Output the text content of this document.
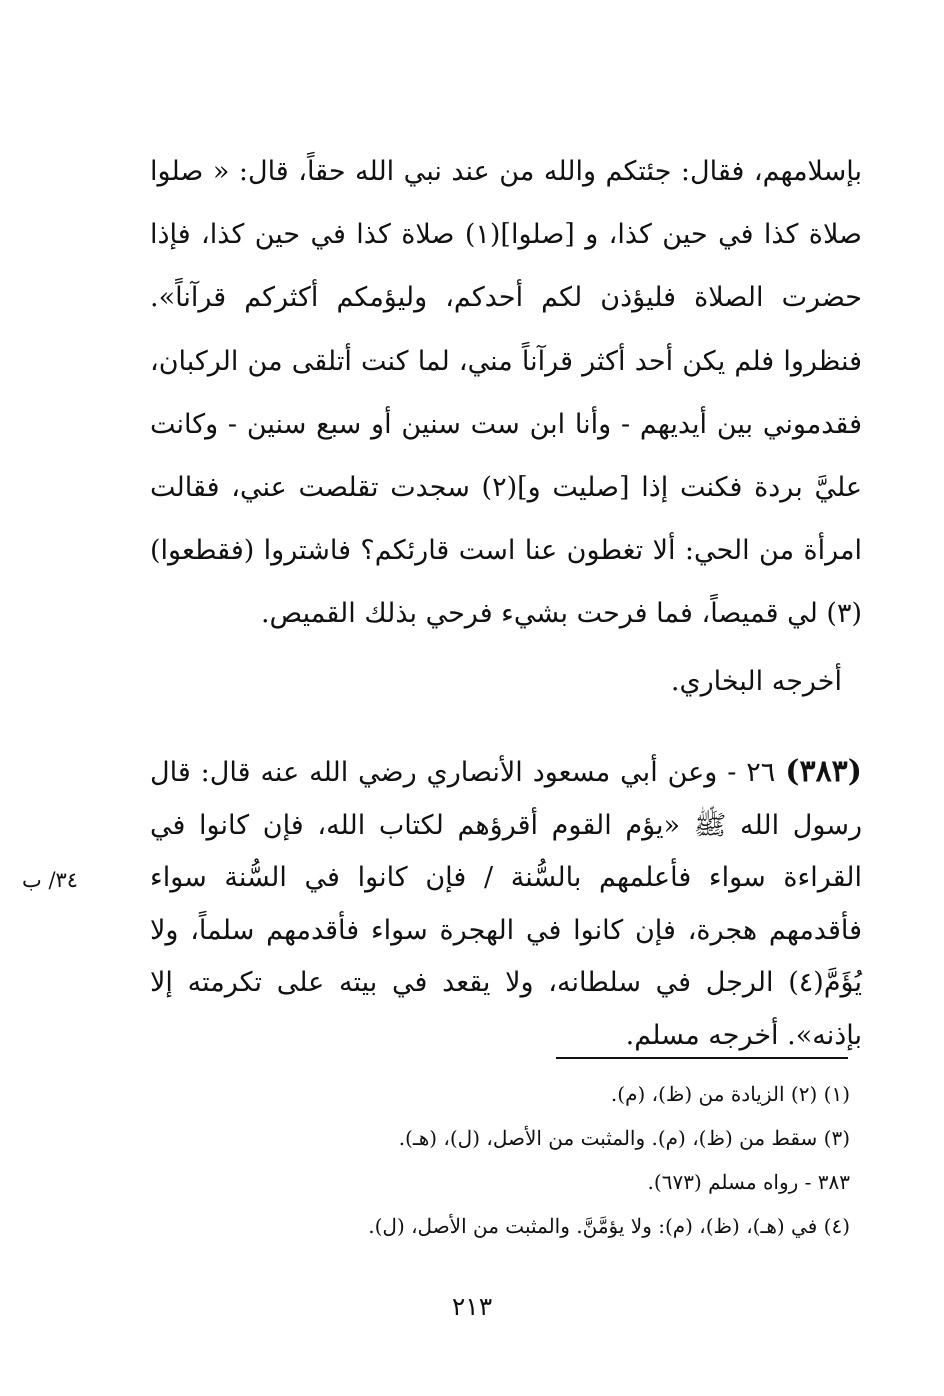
بإسلامهم، فقال: جئتكم والله من عند نبي الله حقاً، قال: « صلوا صلاة كذا في حين كذا، و [صلوا](١) صلاة كذا في حين كذا، فإذا حضرت الصلاة فليؤذن لكم أحدكم، وليؤمكم أكثركم قرآناً». فنظروا فلم يكن أحد أكثر قرآناً مني، لما كنت أتلقى من الركبان، فقدموني بين أيديهم - وأنا ابن ست سنين أو سبع سنين - وكانت عليَّ بردة فكنت إذا [صليت و](٢) سجدت تقلصت عني، فقالت امرأة من الحي: ألا تغطون عنا است قارئكم؟ فاشتروا (فقطعوا)(٣) لي قميصاً، فما فرحت بشيء فرحي بذلك القميص.

أخرجه البخاري.

(٣٨٣) ٢٦ - وعن أبي مسعود الأنصاري رضي الله عنه قال: قال رسول الله ﷺ «يؤم القوم أقرؤهم لكتاب الله، فإن كانوا في القراءة سواء فأعلمهم بالسُّنة / فإن كانوا في السُّنة سواء فأقدمهم هجرة، فإن كانوا في الهجرة سواء فأقدمهم سلماً، ولا يُؤَمَّ(٤) الرجل في سلطانه، ولا يقعد في بيته على تكرمته إلا بإذنه». أخرجه مسلم.

٣٤/ ب
(١) (٢) الزيادة من (ظ)، (م).
(٣) سقط من (ظ)، (م). والمثبت من الأصل، (ل)، (هـ).
٣٨٣ - رواه مسلم (٦٧٣).
(٤) في (هـ)، (ظ)، (م): ولا يؤمَّنَّ. والمثبت من الأصل، (ل).
٢١٣
